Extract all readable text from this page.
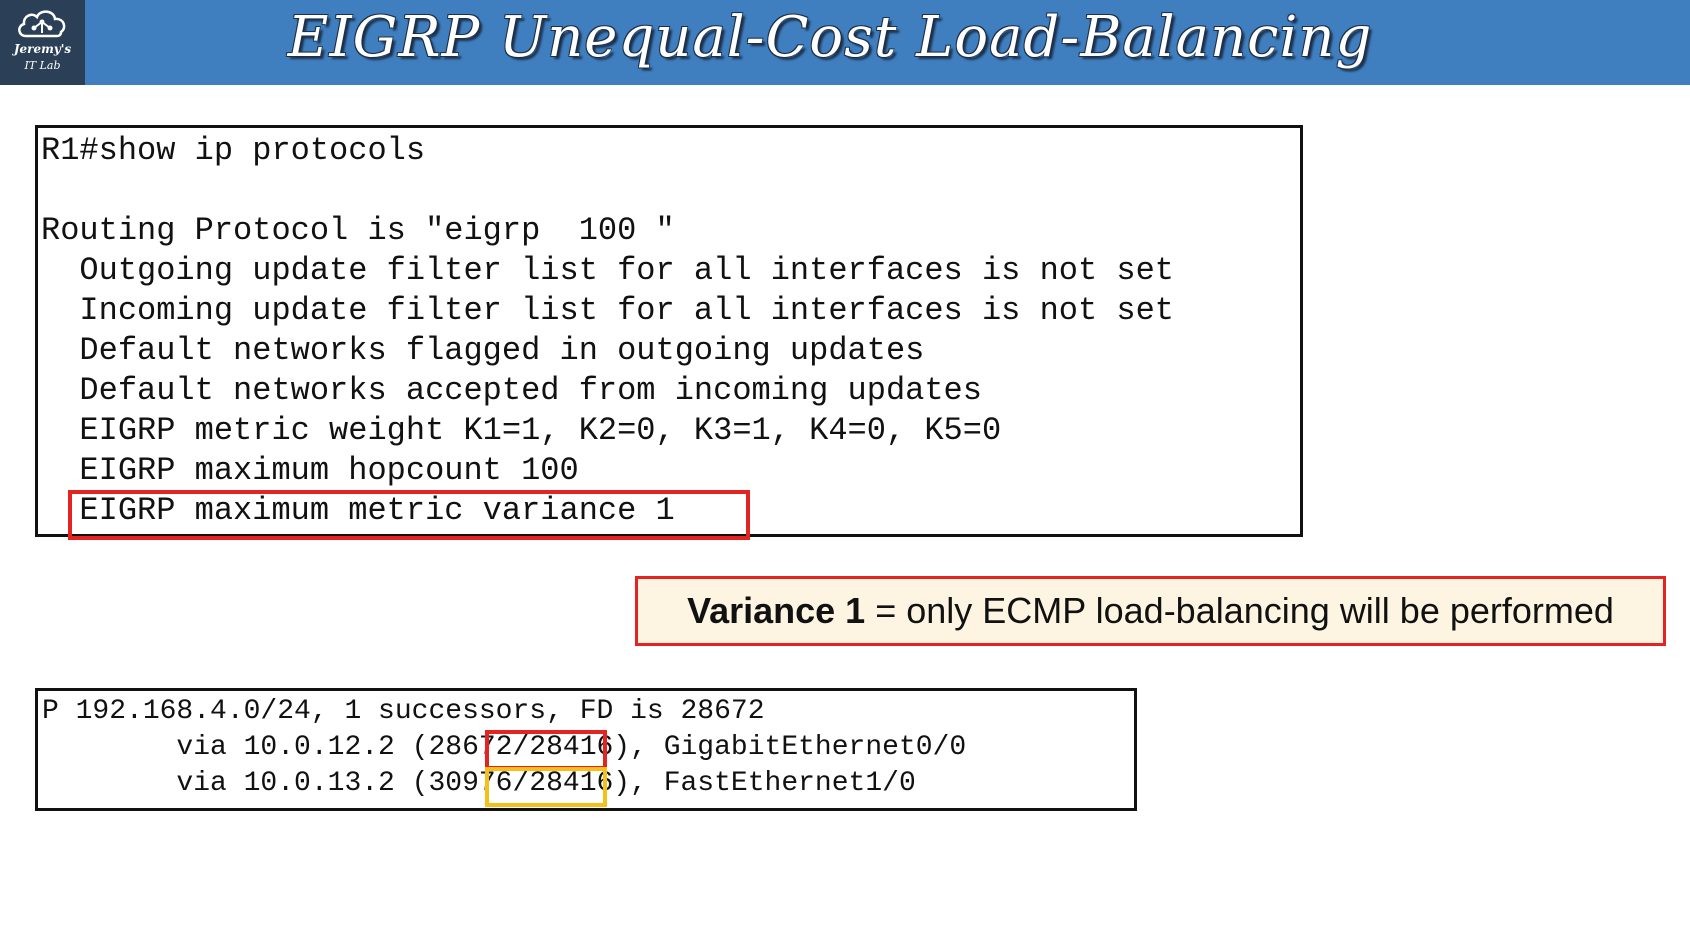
Jeremy's
IT Lab	EIGRP Unequal-Cost Load-Balancing
R1#show ip protocols
Routing Protocol is "eigrp  100 "
Outgoing update filter list for all interfaces is not set
Incoming update filter list for all interfaces is not set
Default networks flagged in outgoing updates
Default networks accepted from incoming updates
EIGRP metric weight K1=1, K2=0, K3=1, K4=0, K5=0
EIGRP maximum hopcount 100
EIGRP maximum metric variance 1
Variance 1 = only ECMP load-balancing will be performed
P 192.168.4.0/24, 1 successors, FD is 28672
via 10.0.12.2 (28672/28416), GigabitEthernet0/0
via 10.0.13.2 (30976/28416), FastEthernet1/0
